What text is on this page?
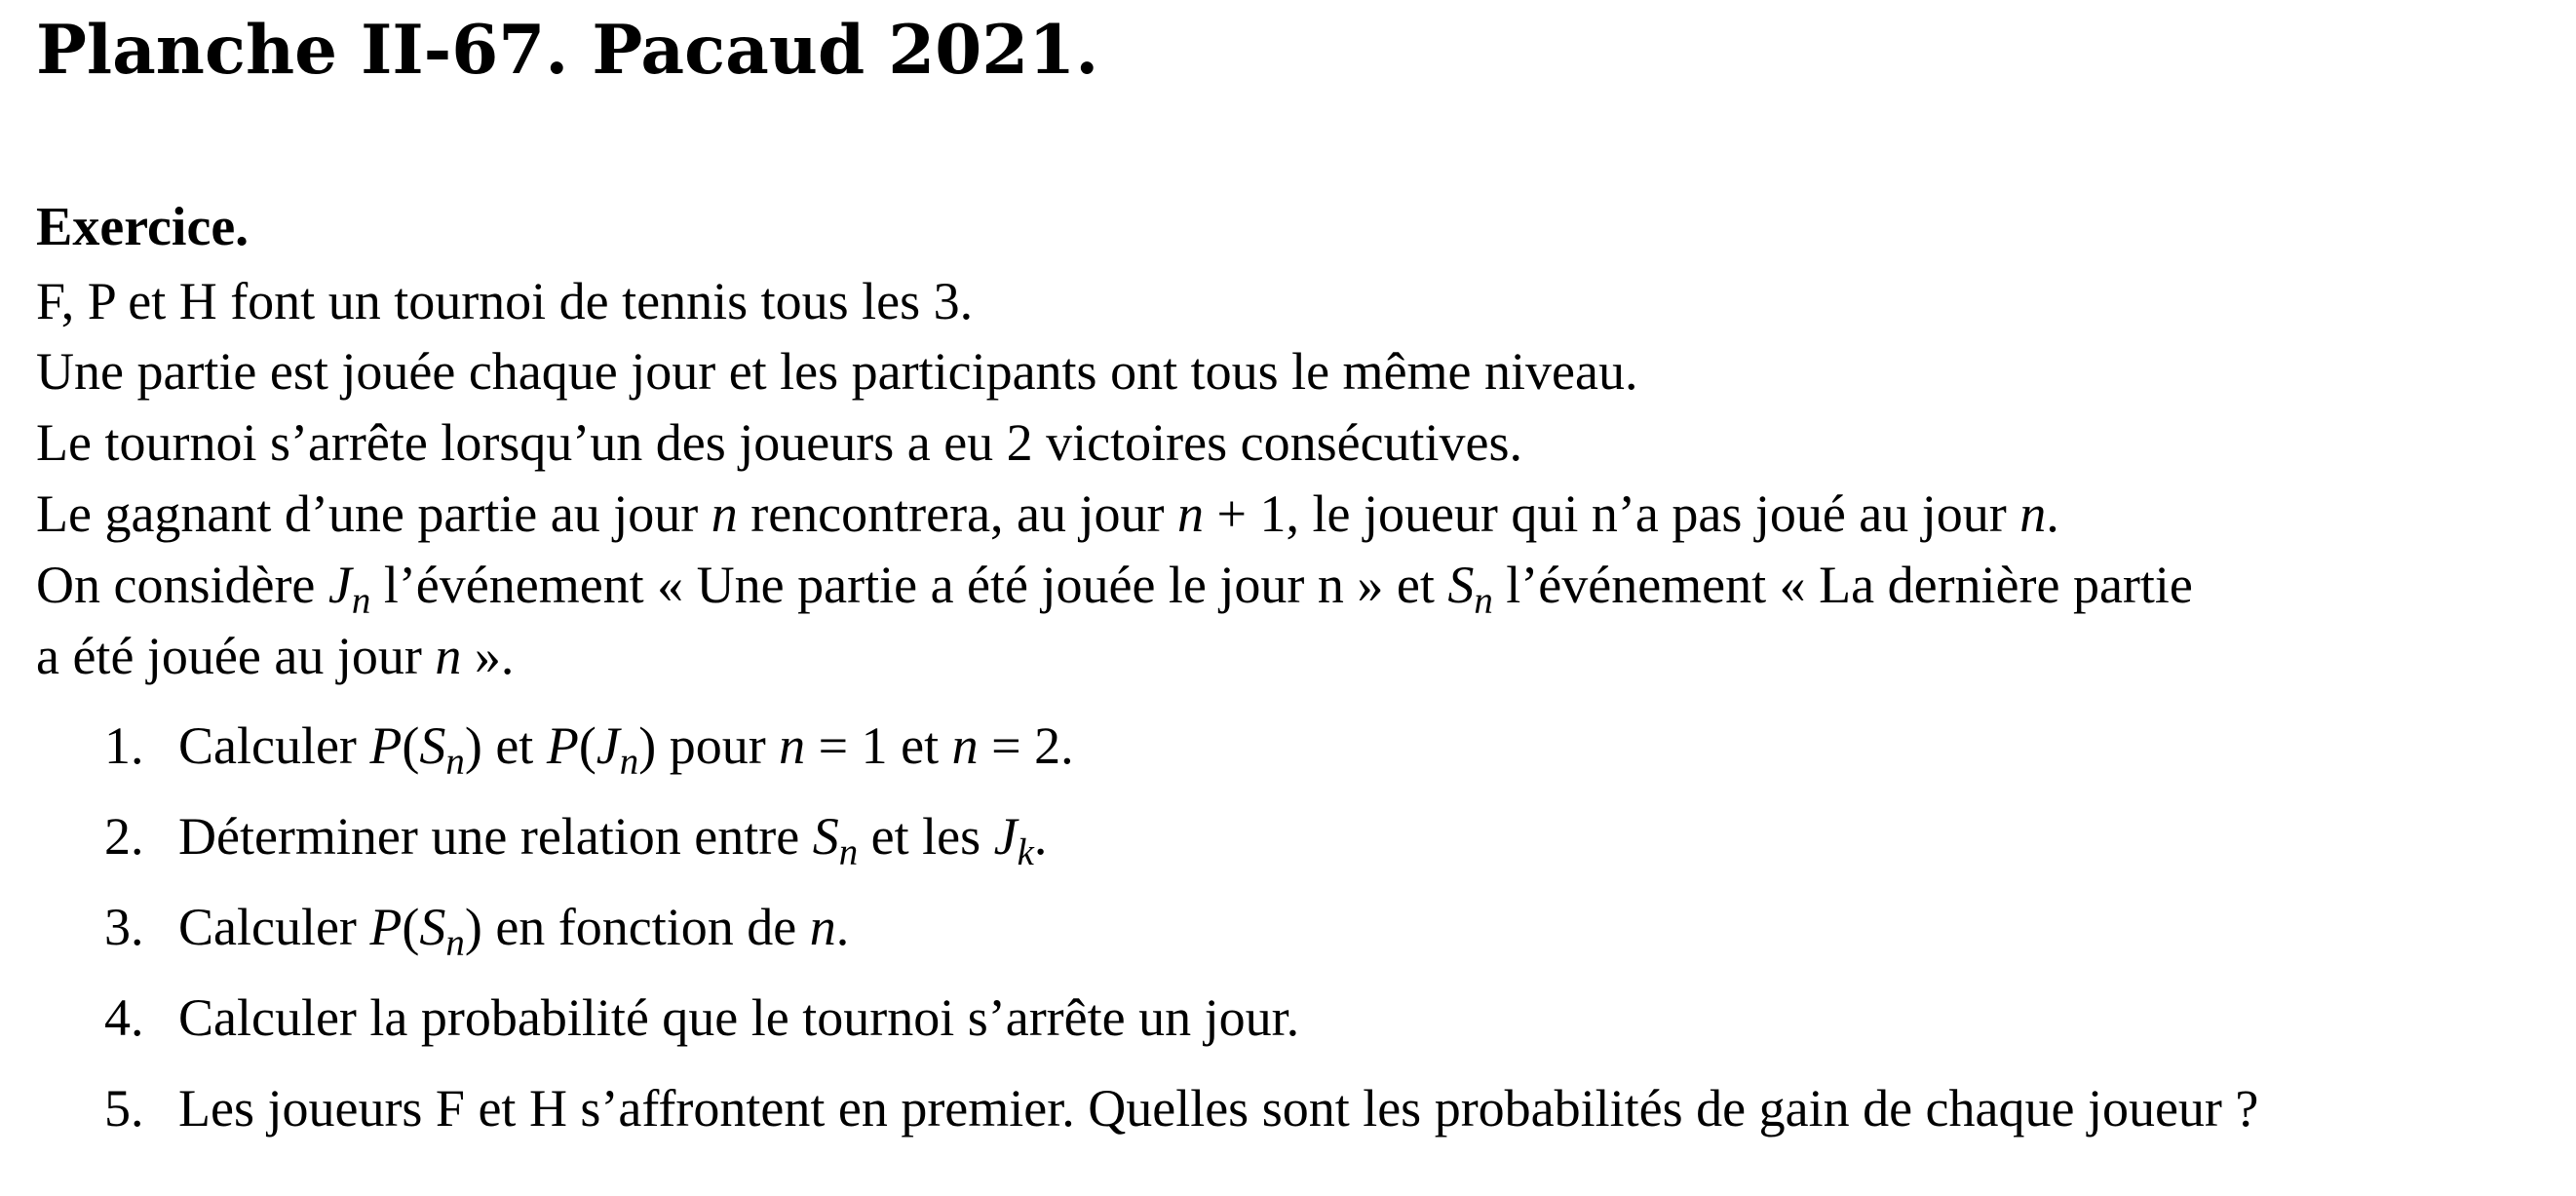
Planche II-67. Pacaud 2021.
Exercice.

F, P et H font un tournoi de tennis tous les 3.

Une partie est jouée chaque jour et les participants ont tous le même niveau.

Le tournoi s’arrête lorsqu’un des joueurs a eu 2 victoires consécutives.

Le gagnant d’une partie au jour n rencontrera, au jour n + 1, le joueur qui n’a pas joué au jour n.

On considère $J_n$ l’événement « Une partie a été jouée le jour n » et $S_n$ l’événement « La dernière partie

a été jouée au jour n ».

1. Calculer $P(S_n)$ et $P(J_n)$ pour n = 1 et n = 2.
2. Déterminer une relation entre $S_n$ et les $J_k$.
3. Calculer $P(S_n)$ en fonction de n.
4. Calculer la probabilité que le tournoi s’arrête un jour.
5. Les joueurs F et H s’affrontent en premier. Quelles sont les probabilités de gain de chaque joueur ?
